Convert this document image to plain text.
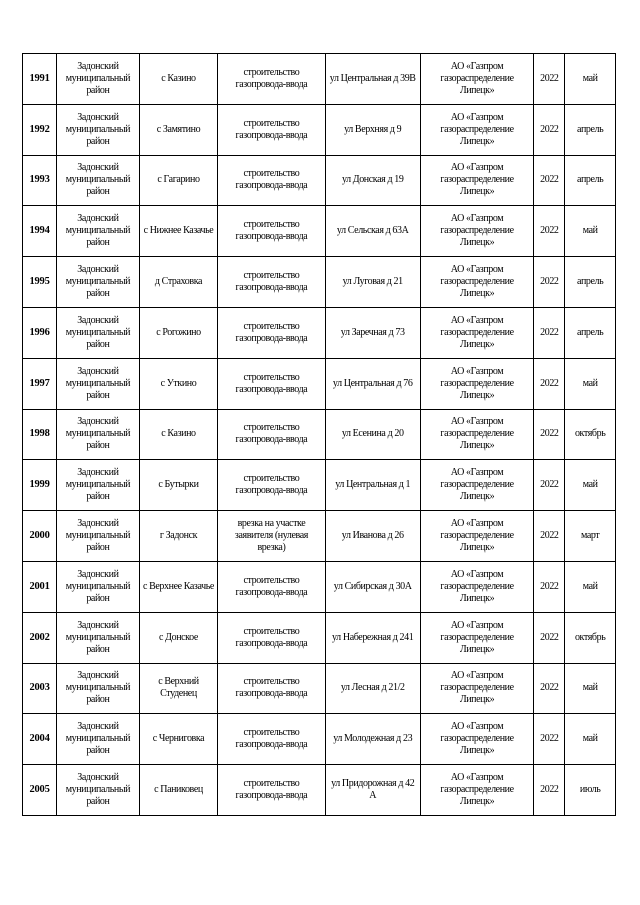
1991	Задонский муниципальный район	с Казино	строительство газопровода-ввода	ул Центральная д 39В	АО «Газпром газораспределение Липецк»	2022	май
1992	Задонский муниципальный район	с Замятино	строительство газопровода-ввода	ул Верхняя д 9	АО «Газпром газораспределение Липецк»	2022	апрель
1993	Задонский муниципальный район	с Гагарино	строительство газопровода-ввода	ул Донская д 19	АО «Газпром газораспределение Липецк»	2022	апрель
1994	Задонский муниципальный район	с Нижнее Казачье	строительство газопровода-ввода	ул Сельская д 63А	АО «Газпром газораспределение Липецк»	2022	май
1995	Задонский муниципальный район	д Страховка	строительство газопровода-ввода	ул Луговая д 21	АО «Газпром газораспределение Липецк»	2022	апрель
1996	Задонский муниципальный район	с Рогожино	строительство газопровода-ввода	ул Заречная д 73	АО «Газпром газораспределение Липецк»	2022	апрель
1997	Задонский муниципальный район	с Уткино	строительство газопровода-ввода	ул Центральная д 76	АО «Газпром газораспределение Липецк»	2022	май
1998	Задонский муниципальный район	с Казино	строительство газопровода-ввода	ул Есенина д 20	АО «Газпром газораспределение Липецк»	2022	октябрь
1999	Задонский муниципальный район	с Бутырки	строительство газопровода-ввода	ул Центральная д 1	АО «Газпром газораспределение Липецк»	2022	май
2000	Задонский муниципальный район	г Задонск	врезка на участке заявителя (нулевая врезка)	ул Иванова д 26	АО «Газпром газораспределение Липецк»	2022	март
2001	Задонский муниципальный район	с Верхнее Казачье	строительство газопровода-ввода	ул Сибирская д 30А	АО «Газпром газораспределение Липецк»	2022	май
2002	Задонский муниципальный район	с Донское	строительство газопровода-ввода	ул Набережная д 241	АО «Газпром газораспределение Липецк»	2022	октябрь
2003	Задонский муниципальный район	с Верхний Студенец	строительство газопровода-ввода	ул Лесная д 21/2	АО «Газпром газораспределение Липецк»	2022	май
2004	Задонский муниципальный район	с Черниговка	строительство газопровода-ввода	ул Молодежная д 23	АО «Газпром газораспределение Липецк»	2022	май
2005	Задонский муниципальный район	с Паниковец	строительство газопровода-ввода	ул Придорожная д 42 А	АО «Газпром газораспределение Липецк»	2022	июль
